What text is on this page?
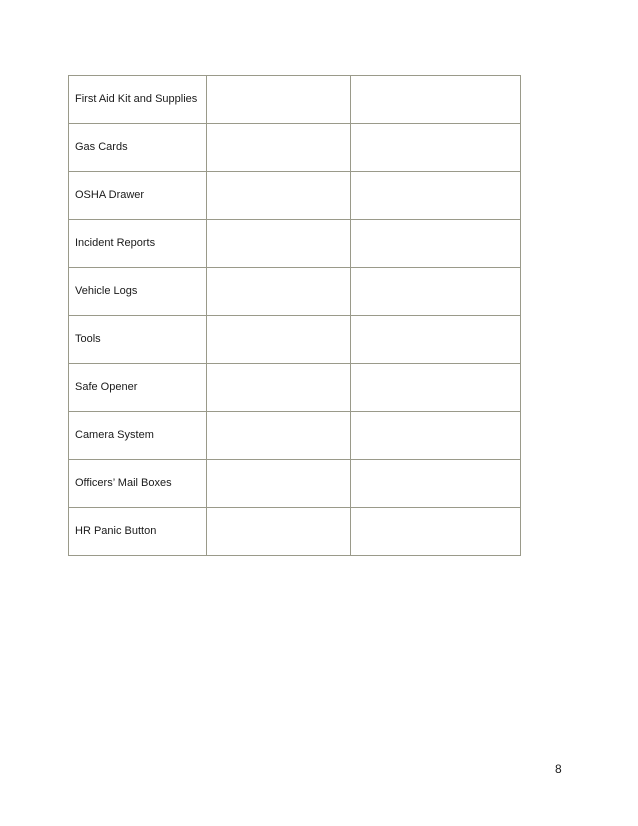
First Aid Kit and Supplies		
Gas Cards		
OSHA Drawer		
Incident Reports		
Vehicle Logs		
Tools		
Safe Opener		
Camera System		
Officers’ Mail Boxes		
HR Panic Button		
8
